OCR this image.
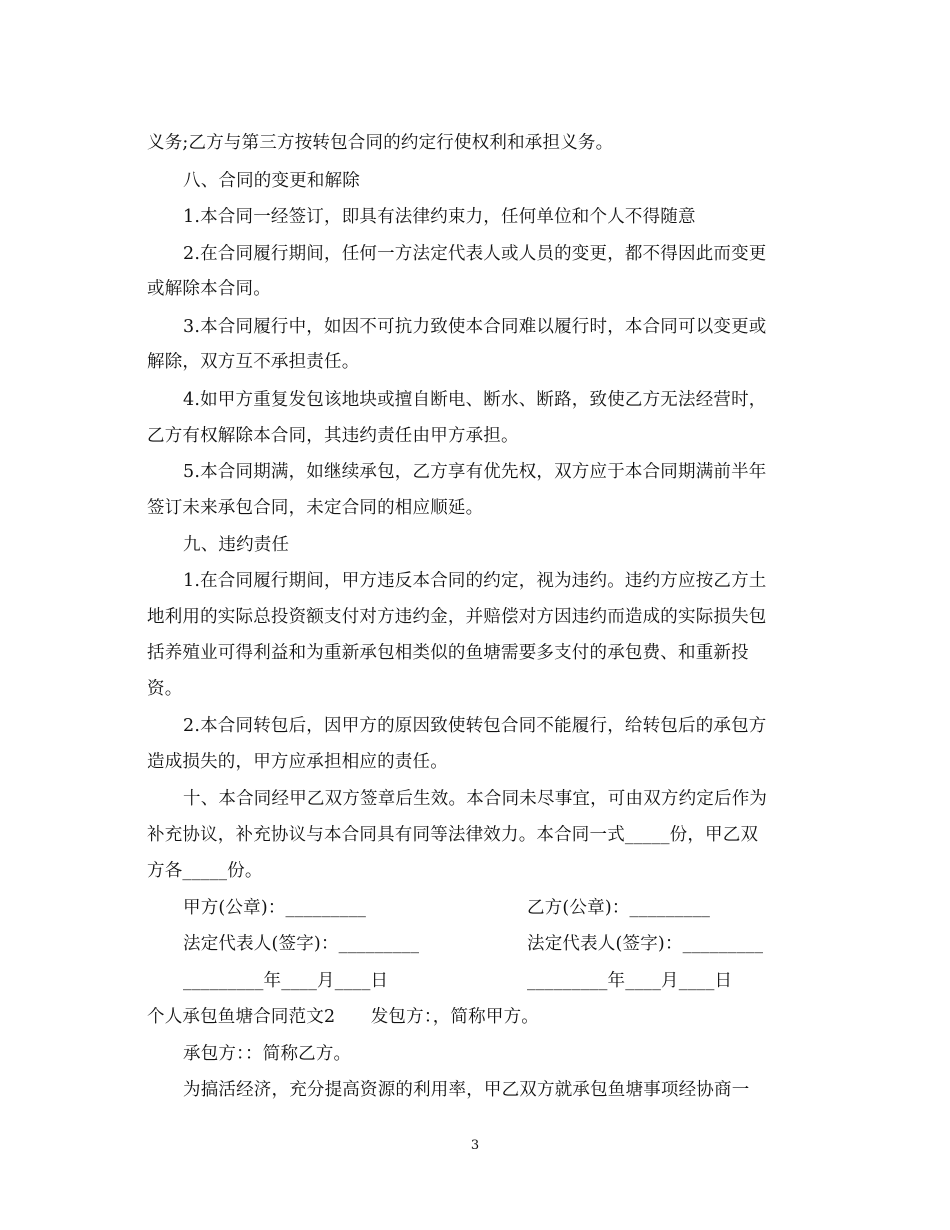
义务;乙方与第三方按转包合同的约定行使权利和承担义务。
八、合同的变更和解除
1.本合同一经签订，即具有法律约束力，任何单位和个人不得随意
2.在合同履行期间，任何一方法定代表人或人员的变更，都不得因此而变更
或解除本合同。
3.本合同履行中，如因不可抗力致使本合同难以履行时，本合同可以变更或
解除，双方互不承担责任。
4.如甲方重复发包该地块或擅自断电、断水、断路，致使乙方无法经营时，
乙方有权解除本合同，其违约责任由甲方承担。
5.本合同期满，如继续承包，乙方享有优先权，双方应于本合同期满前半年
签订未来承包合同，未定合同的相应顺延。
九、违约责任
1.在合同履行期间，甲方违反本合同的约定，视为违约。违约方应按乙方土
地利用的实际总投资额支付对方违约金，并赔偿对方因违约而造成的实际损失包
括养殖业可得利益和为重新承包相类似的鱼塘需要多支付的承包费、和重新投
资。
2.本合同转包后，因甲方的原因致使转包合同不能履行，给转包后的承包方
造成损失的，甲方应承担相应的责任。
十、本合同经甲乙双方签章后生效。本合同未尽事宜，可由双方约定后作为
补充协议，补充协议与本合同具有同等法律效力。本合同一式_____份，甲乙双
方各_____份。
甲方(公章)：_________	乙方(公章)：_________
法定代表人(签字)：_________	法定代表人(签字)：_________
_________年____月____日	_________年____月____日
个人承包鱼塘合同范文2　　发包方：，简称甲方。
承包方：：简称乙方。
为搞活经济，充分提高资源的利用率，甲乙双方就承包鱼塘事项经协商一
3
